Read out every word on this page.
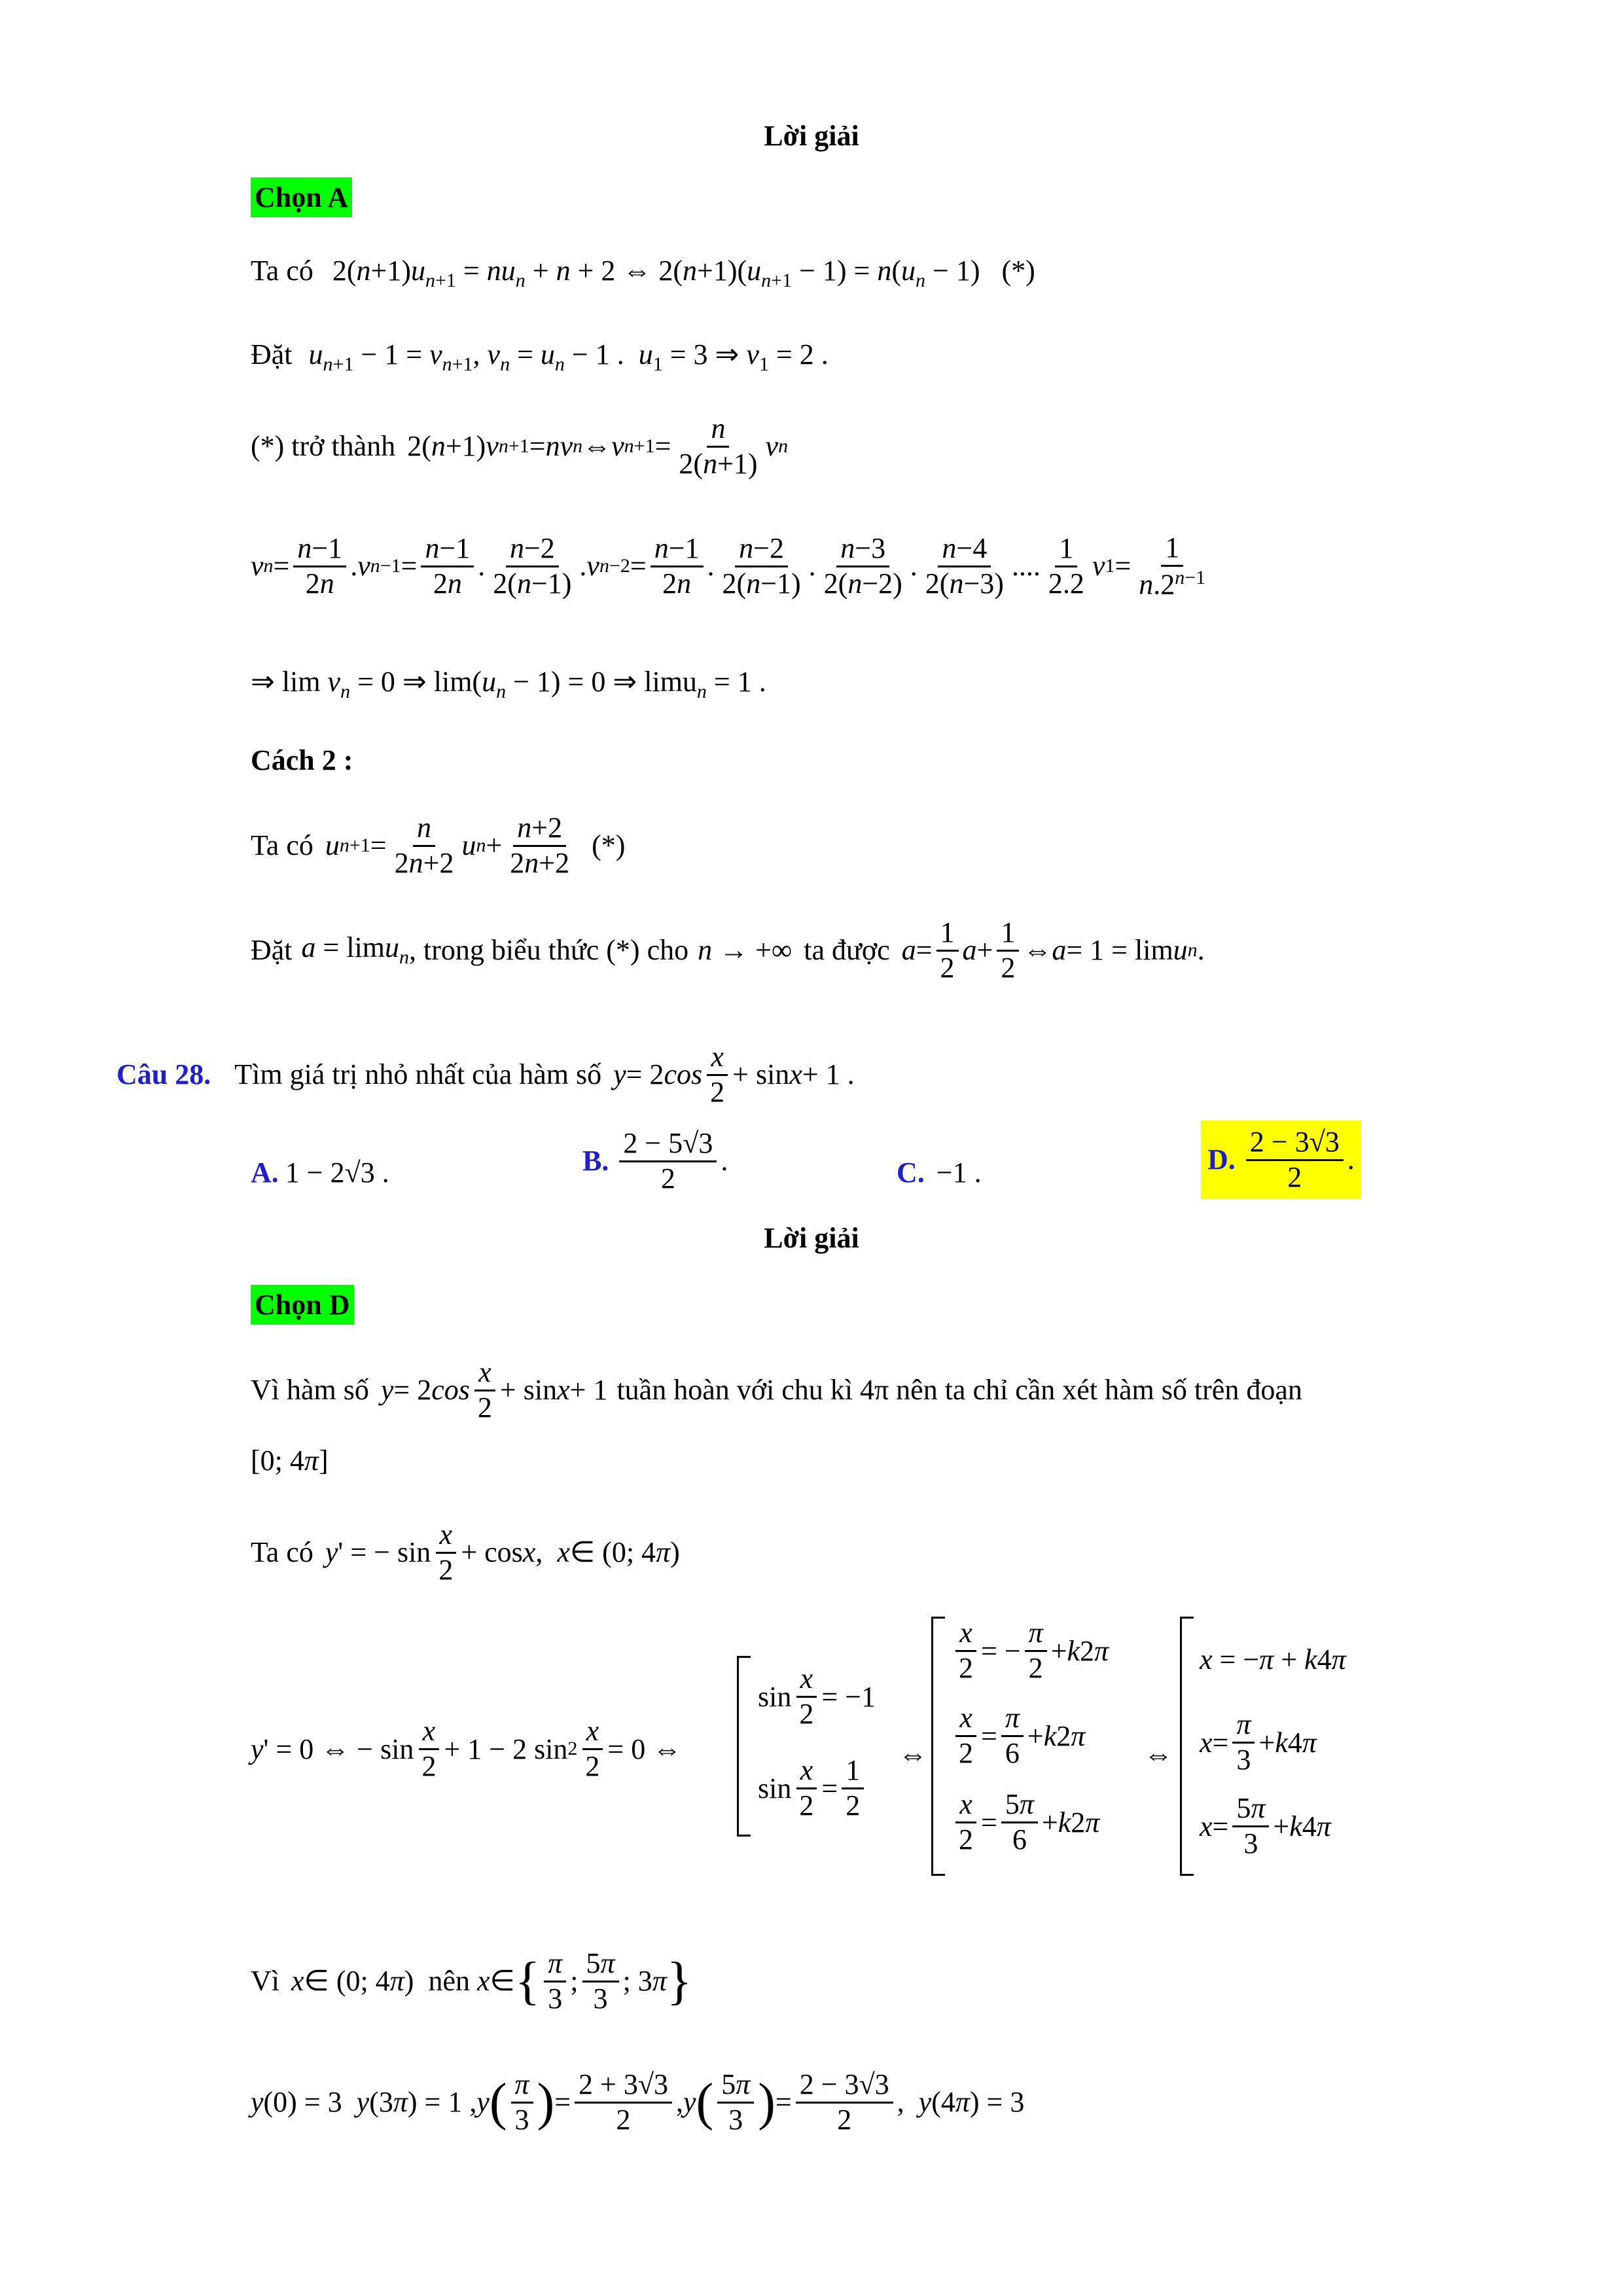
Lời giải
Chọn A
Ta có $2(n+1)u_{n+1} = nu_n + n + 2$ ⇔ $2(n+1)(u_{n+1} - 1) = n(u_n - 1)$   (*)
Đặt $u_{n+1} - 1 = v_{n+1}$, $v_n = u_n - 1$ .  $u_1 = 3$ ⇒ $v_1 = 2$ .
(*) trở thành 2( n +1) v n+1 = nv n ⇔ v $n+1 = \frac{n}{2(n+1)}$ v n
v $n = \frac{n-1}{2n}$ . v $n-1 = \frac{n-1}{2n}$ . $\frac{n-2}{2(n-1)}$ . v $n-2 = \frac{n-1}{2n}$ . $\frac{n-2}{2(n-1)}$ . $\frac{n-3}{2(n-2)}$ . $\frac{n-4}{2(n-3)}$ .... $\frac{1}{2.2}$ v $1 = \frac{1}{n.2^{n-1}}$
⇒ $\lim v_n = 0$ ⇒ $\lim(u_n - 1) = 0$ ⇒ limu$_n$ = 1 .
Cách 2 :
Ta có u $n+1 = \frac{n}{2n+2}$ u $n + \frac{n+2}{2n+2}$ (*)
Đặt a = limu$_n$ , trong biểu thức (*) cho n → +∞ ta được $a = \frac{1}{2}$ $a + \frac{1}{2}$ ⇔ a = 1 = lim u n .
Câu 28. Tìm giá trị nhỏ nhất của hàm số y = 2 $\cos \frac{x}{2} + \sin x + 1$ .
A. 1 − 2√3 .	B. $\frac{2 - 5√3}{2}$ .	C. −1 .	D. $\frac{2 - 3√3}{2}$ .
Lời giải
Chọn D
Vì hàm số y = 2 $\cos \frac{x}{2} + \sin x + 1$ tuần hoàn với chu kì 4π nên ta chỉ cần xét hàm số trên đoạn
[0; 4π]
Ta có y ' = − $\sin \frac{x}{2} + \cos x$ , x ∈ (0; 4 π )
y ' = 0 ⇔ − $\sin \frac{x}{2} + 1 - 2$ $\sin 2 \frac{x}{2} = 0$ ⇔
$\sin \frac{x}{2} = -1$
$\sin \frac{x}{2} = \frac{1}{2}$ ⇔
$\frac{x}{2}$ = − $\frac{\pi}{2} + k$ 2 π
$\frac{x}{2} = \frac{\pi}{6} + k$ 2 π
$\frac{x}{2} = \frac{5\pi}{6} + k$ 2 π
⇔
x = −π + k4π
$x = \frac{\pi}{3} + k$ 4 π
$x = \frac{5\pi}{3} + k$ 4 π
Vì x ∈ (0; 4 π )  nên x ∈ { $\frac{\pi}{3}$ ; $\frac{5\pi}{3}$ ; 3 π }
y (0) = 3 y (3 π ) = 1 , y ( $\frac{\pi}{3}$ ) = $\frac{2 + 3√3}{2}$ , y ( $\frac{5\pi}{3}$ ) = $\frac{2 - 3√3}{2}$ , y (4 π ) = 3
